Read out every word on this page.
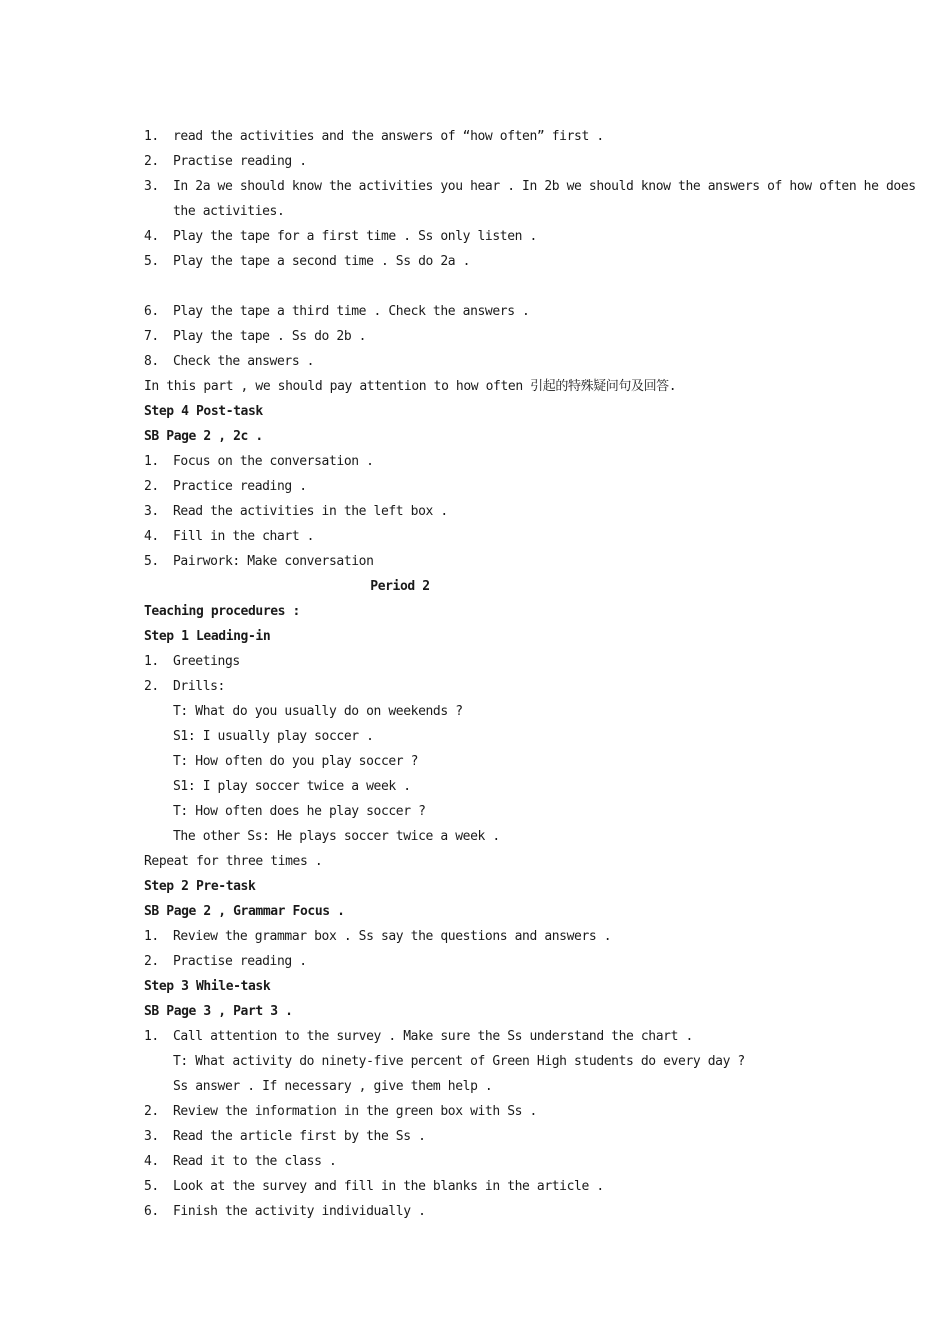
1.	read the activities and the answers of “how often” first .
2.	Practise reading .
3.	In 2a we should know the activities you hear . In 2b we should know the answers of how often he does
the activities.
4.	Play the tape for a first time . Ss only listen .
5.	Play the tape a second time . Ss do 2a .
6.	Play the tape a third time . Check the answers .
7.	Play the tape . Ss do 2b .
8.	Check the answers .
In this part , we should pay attention to how often 引起的特殊疑问句及回答.
Step 4 Post-task
SB Page 2 , 2c .
1.	Focus on the conversation .
2.	Practice reading .
3.	Read the activities in the left box .
4.	Fill in the chart .
5.	Pairwork: Make conversation
Period 2
Teaching procedures :
Step 1 Leading-in
1.	Greetings
2.	Drills:
T: What do you usually do on weekends ?
S1: I usually play soccer .
T: How often do you play soccer ?
S1: I play soccer twice a week .
T: How often does he play soccer ?
The other Ss: He plays soccer twice a week .
Repeat for three times .
Step 2 Pre-task
SB Page 2 , Grammar Focus .
1.	Review the grammar box . Ss say the questions and answers .
2.	Practise reading .
Step 3 While-task
SB Page 3 , Part 3 .
1.	Call attention to the survey . Make sure the Ss understand the chart .
T: What activity do ninety-five percent of Green High students do every day ?
Ss answer . If necessary , give them help .
2.	Review the information in the green box with Ss .
3.	Read the article first by the Ss .
4.	Read it to the class .
5.	Look at the survey and fill in the blanks in the article .
6.	Finish the activity individually .
